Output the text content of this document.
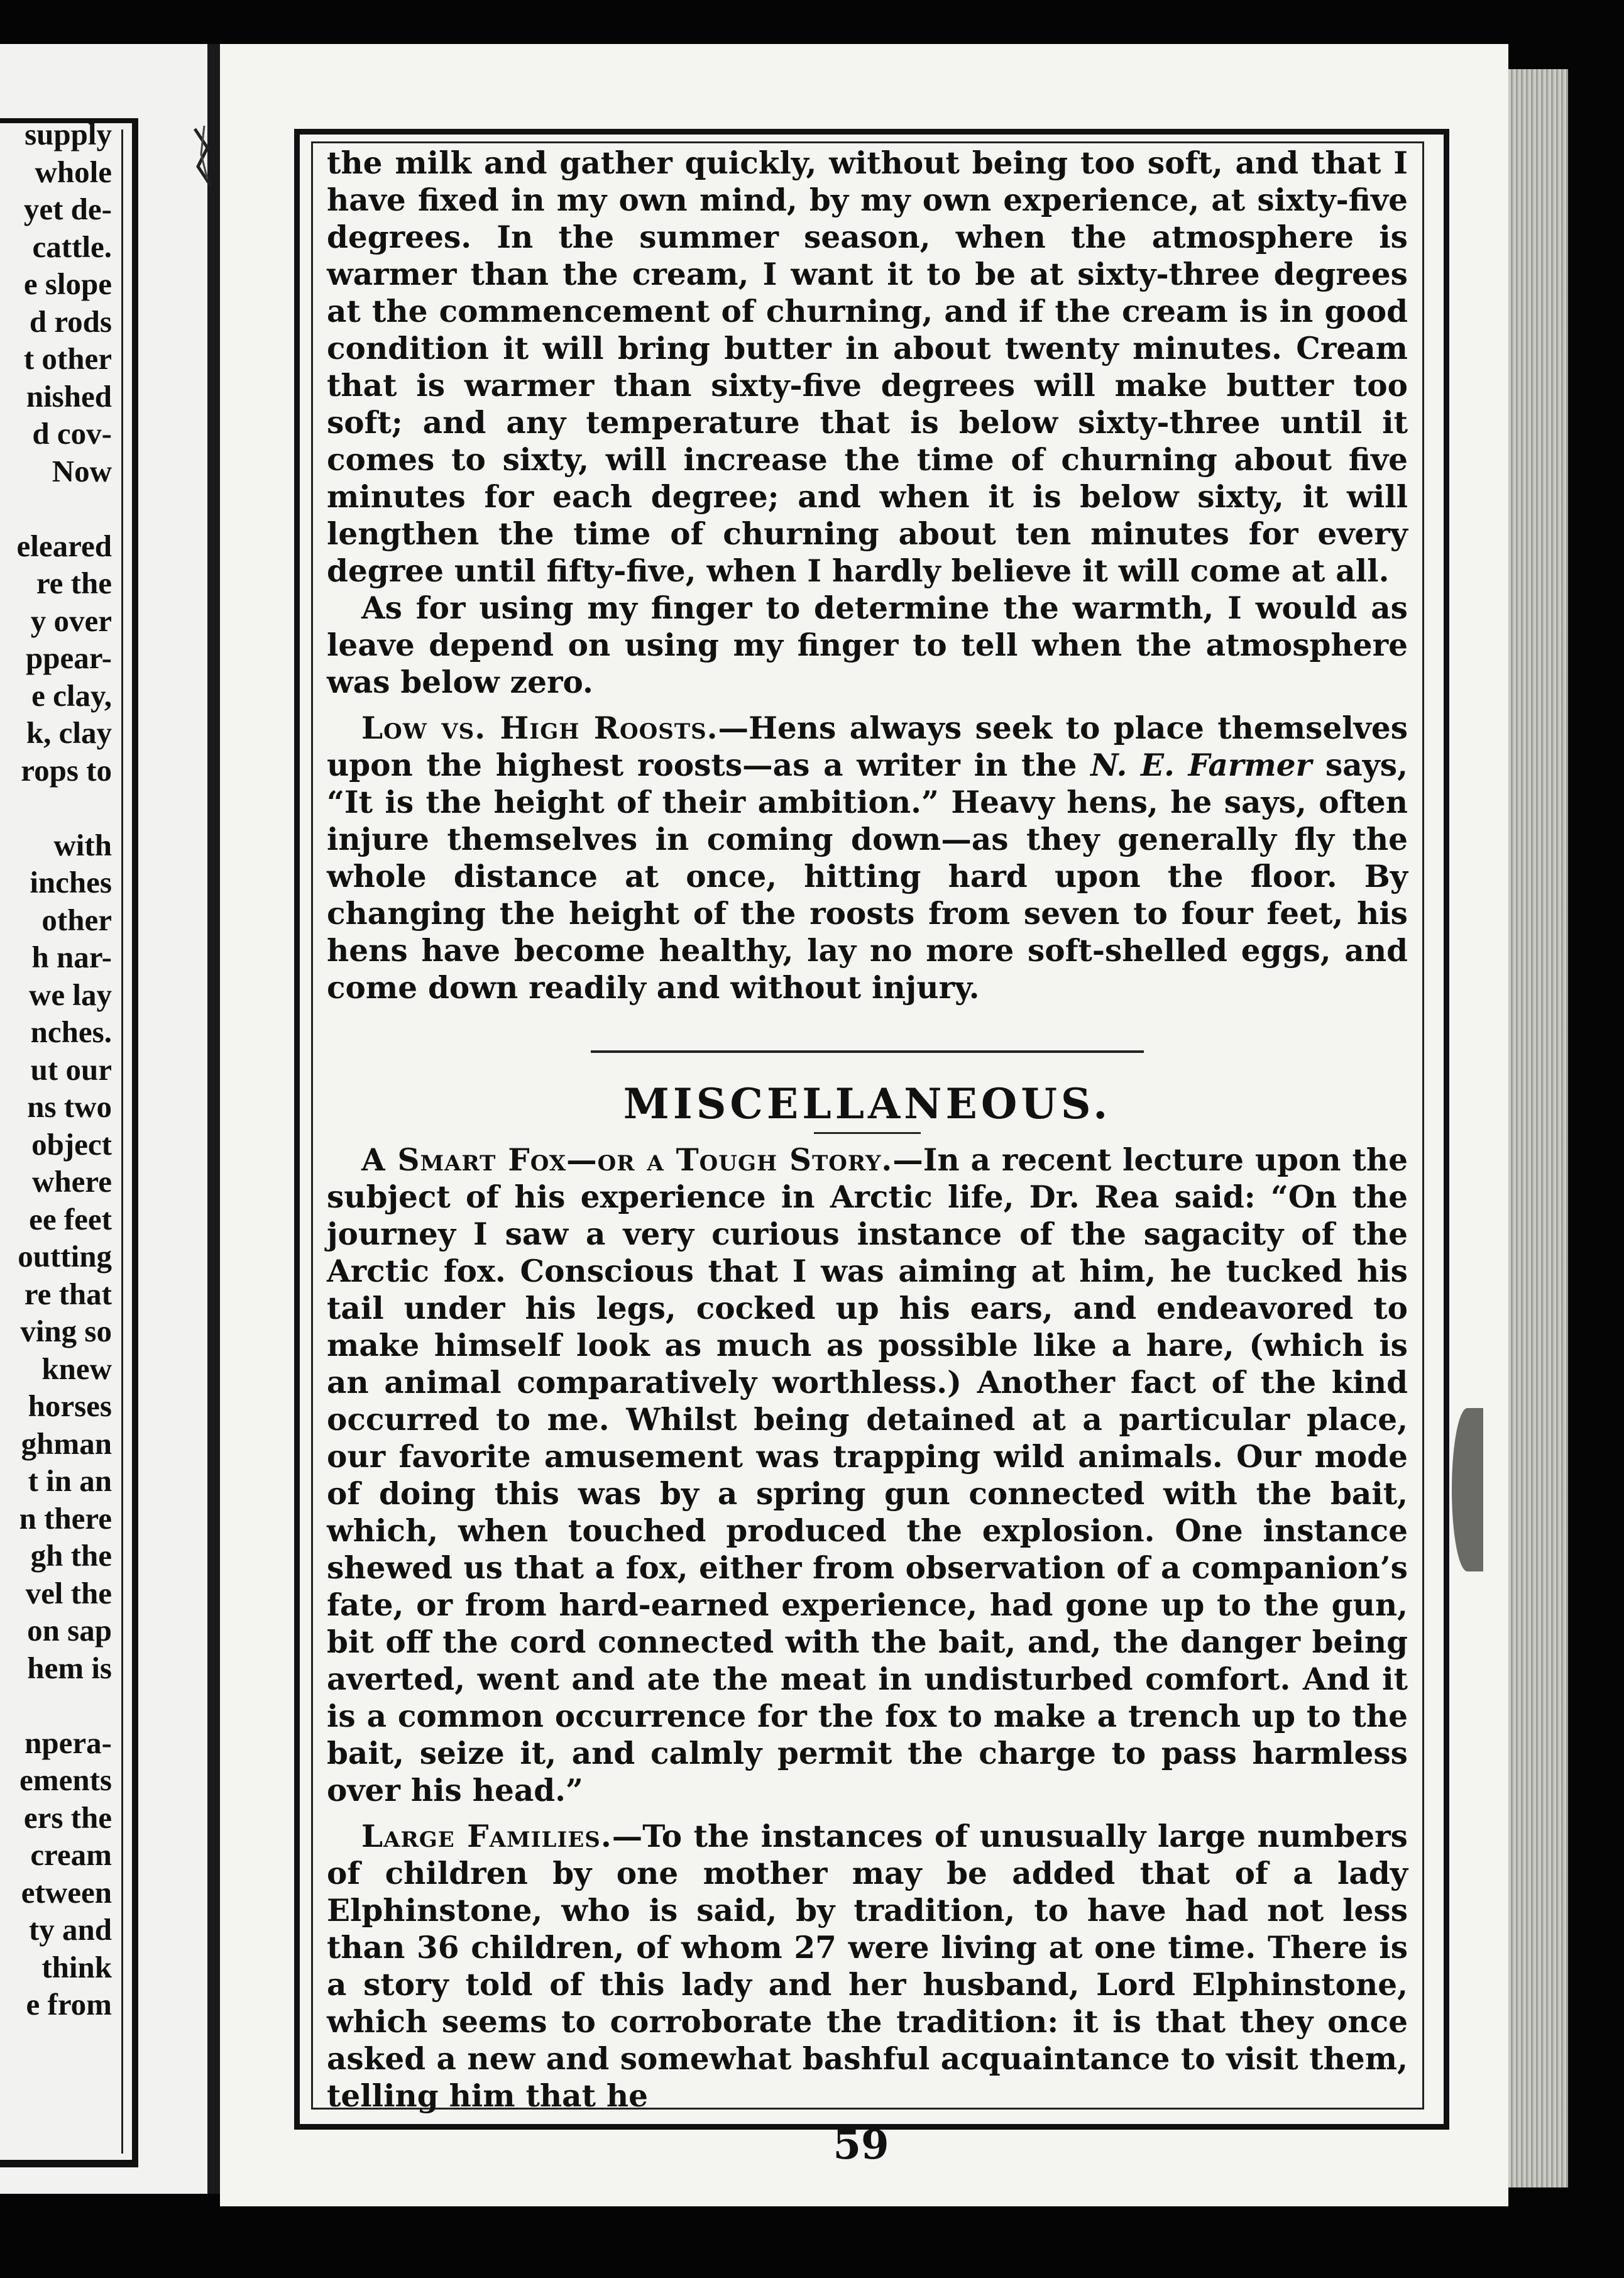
supply
whole
yet de-
cattle.
e slope
d rods
t other
nished
d cov-
Now
eleared
re the
y over
ppear-
e clay,
k, clay
rops to
with
inches
other
h nar-
we lay
nches.
ut our
ns two
object
where
ee feet
outting
re that
ving so
knew
horses
ghman
t in an
n there
gh the
vel the
on sap
hem is
npera-
ements
ers the
cream
etween
ty and
think
e from

the milk and gather quickly, without being too soft, and that I have fixed in my own mind, by my own experience, at sixty-five degrees. In the summer season, when the atmosphere is warmer than the cream, I want it to be at sixty-three degrees at the commencement of churning, and if the cream is in good condition it will bring butter in about twenty minutes. Cream that is warmer than sixty-five degrees will make butter too soft; and any temperature that is below sixty-three until it comes to sixty, will increase the time of churning about five minutes for each degree; and when it is below sixty, it will lengthen the time of churning about ten minutes for every degree until fifty-five, when I hardly believe it will come at all.

As for using my finger to determine the warmth, I would as leave depend on using my finger to tell when the atmosphere was below zero.

Low vs. High Roosts.—Hens always seek to place themselves upon the highest roosts—as a writer in the N. E. Farmer says, “It is the height of their ambition.” Heavy hens, he says, often injure themselves in coming down—as they generally fly the whole distance at once, hitting hard upon the floor. By changing the height of the roosts from seven to four feet, his hens have become healthy, lay no more soft-shelled eggs, and come down readily and without injury.

MISCELLANEOUS.

A Smart Fox—or a Tough Story.—In a recent lecture upon the subject of his experience in Arctic life, Dr. Rea said: “On the journey I saw a very curious instance of the sagacity of the Arctic fox. Conscious that I was aiming at him, he tucked his tail under his legs, cocked up his ears, and endeavored to make himself look as much as possible like a hare, (which is an animal comparatively worthless.) Another fact of the kind occurred to me. Whilst being detained at a particular place, our favorite amusement was trapping wild animals. Our mode of doing this was by a spring gun connected with the bait, which, when touched produced the explosion. One instance shewed us that a fox, either from observation of a companion’s fate, or from hard-earned experience, had gone up to the gun, bit off the cord connected with the bait, and, the danger being averted, went and ate the meat in undisturbed comfort. And it is a common occurrence for the fox to make a trench up to the bait, seize it, and calmly permit the charge to pass harmless over his head.”

Large Families.—To the instances of unusually large numbers of children by one mother may be added that of a lady Elphinstone, who is said, by tradition, to have had not less than 36 children, of whom 27 were living at one time. There is a story told of this lady and her husband, Lord Elphinstone, which seems to corroborate the tradition: it is that they once asked a new and somewhat bashful acquaintance to visit them, telling him that he

59
